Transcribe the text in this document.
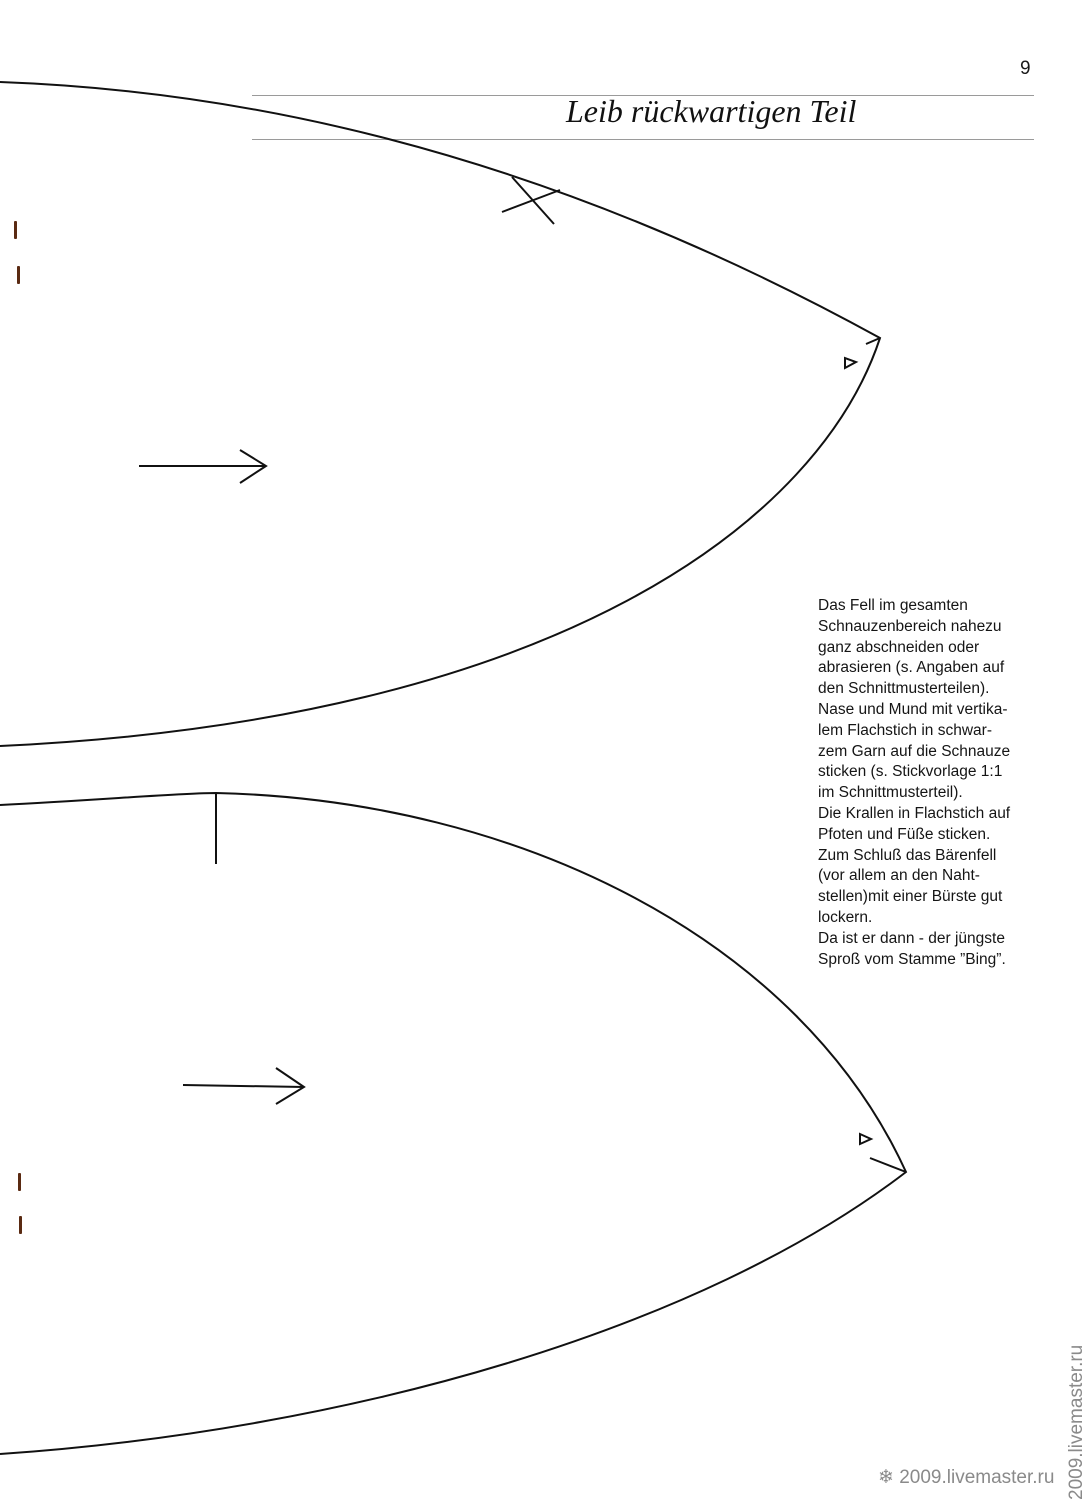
9
Leib rückwartigen Teil

Das Fell im gesamten
Schnauzenbereich nahezu
ganz abschneiden oder
abrasieren (s. Angaben auf
den Schnittmusterteilen).
Nase und Mund mit vertika-
lem Flachstich in schwar-
zem Garn auf die Schnauze
sticken (s. Stickvorlage 1:1
im Schnittmusterteil).
Die Krallen in Flachstich auf
Pfoten und Füße sticken.
Zum Schluß das Bärenfell
(vor allem an den Naht-
stellen)mit einer Bürste gut
lockern.
Da ist er dann - der jüngste
Sproß vom Stamme ”Bing”.

❄ 2009.livemaster.ru 2009.livemaster.ru
